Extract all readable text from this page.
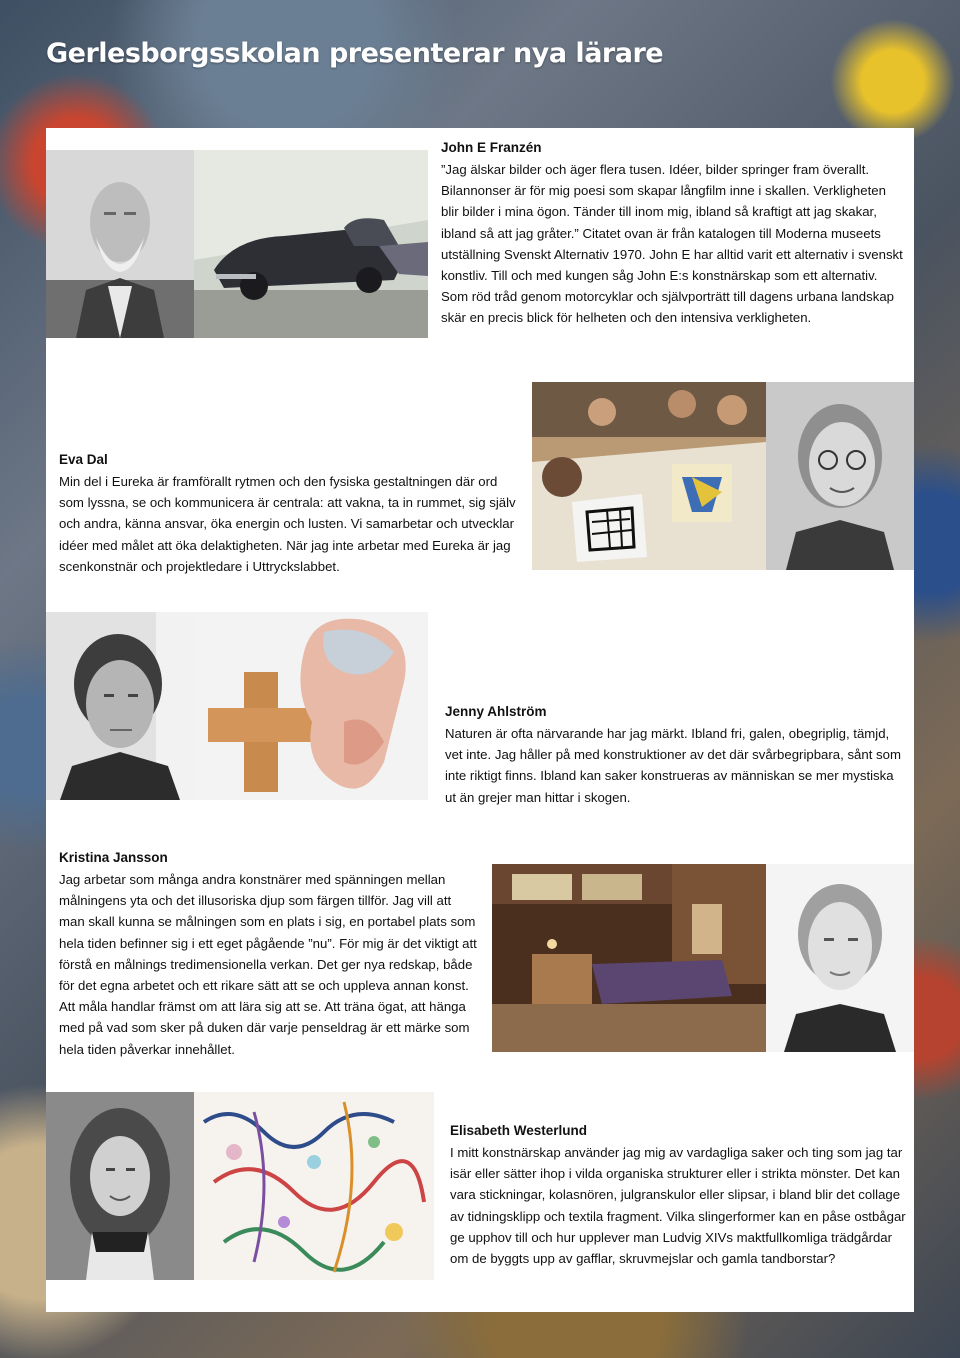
Gerlesborgsskolan presenterar nya lärare
John E Franzén
”Jag älskar bilder och äger flera tusen. Idéer, bilder springer fram överallt. Bilannonser är för mig poesi som skapar långfilm inne i skallen. Verkligheten blir bilder i mina ögon. Tänder till inom mig, ibland så kraftigt att jag skakar, ibland så att jag gråter.” Citatet ovan är från katalogen till Moderna museets utställning Svenskt Alternativ 1970. John E har alltid varit ett alternativ i svenskt konstliv. Till och med kungen såg John E:s konstnärskap som ett alternativ. Som röd tråd genom motorcyklar och självporträtt till dagens urbana landskap skär en precis blick för helheten och den intensiva verkligheten.
Eva Dal
Min del i Eureka är framförallt rytmen och den fysiska gestaltningen där ord som lyssna, se och kommunicera är centrala: att vakna, ta in rummet, sig själv och andra, känna ansvar, öka energin och lusten. Vi samarbetar och utvecklar idéer med målet att öka delaktigheten. När jag inte arbetar med Eureka är jag scenkonstnär och projektledare i Uttryckslabbet.
Jenny Ahlström
Naturen är ofta närvarande har jag märkt. Ibland fri, galen, obegriplig, tämjd, vet inte. Jag håller på med konstruktioner av det där svårbegripbara, sånt som inte riktigt finns. Ibland kan saker konstrueras av människan se mer mystiska ut än grejer man hittar i skogen.
Kristina Jansson
Jag arbetar som många andra konstnärer med spänningen mellan målningens yta och det illusoriska djup som färgen tillför. Jag vill att man skall kunna se målningen som en plats i sig, en portabel plats som hela tiden befinner sig i ett eget pågående ”nu”. För mig är det viktigt att förstå en målnings tredimensionella verkan. Det ger nya redskap, både för det egna arbetet och ett rikare sätt att se och uppleva annan konst. Att måla handlar främst om att lära sig att se. Att träna ögat, att hänga med på vad som sker på duken där varje penseldrag är ett märke som hela tiden påverkar innehållet.
Elisabeth Westerlund
I mitt konstnärskap använder jag mig av vardagliga saker och ting som jag tar isär eller sätter ihop i vilda organiska strukturer eller i strikta mönster. Det kan vara stickningar, kolasnören, julgranskulor eller slipsar, i bland blir det collage av tidningsklipp och textila fragment. Vilka slingerformer kan en påse ostbågar ge upphov till och hur upplever man Ludvig XIVs maktfullkomliga trädgårdar om de byggts upp av gafflar, skruvmejslar och gamla tandborstar?
